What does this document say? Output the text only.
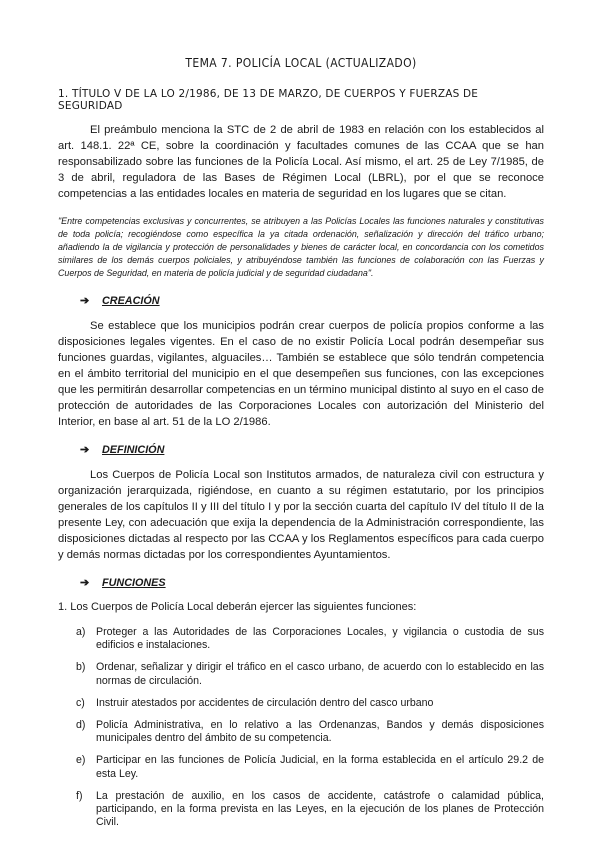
TEMA 7. POLICÍA LOCAL (ACTUALIZADO)
1. TÍTULO V DE LA LO 2/1986, DE 13 DE MARZO, DE CUERPOS Y FUERZAS DE SEGURIDAD

El preámbulo menciona la STC de 2 de abril de 1983 en relación con los establecidos al art. 148.1. 22ª CE, sobre la coordinación y facultades comunes de las CCAA que se han responsabilizado sobre las funciones de la Policía Local. Así mismo, el art. 25 de Ley 7/1985, de 3 de abril, reguladora de las Bases de Régimen Local (LBRL), por el que se reconoce competencias a las entidades locales en materia de seguridad en los lugares que se citan.

"Entre competencias exclusivas y concurrentes, se atribuyen a las Policías Locales las funciones naturales y constitutivas de toda policía; recogiéndose como específica la ya citada ordenación, señalización y dirección del tráfico urbano; añadiendo la de vigilancia y protección de personalidades y bienes de carácter local, en concordancia con los cometidos similares de los demás cuerpos policiales, y atribuyéndose también las funciones de colaboración con las Fuerzas y Cuerpos de Seguridad, en materia de policía judicial y de seguridad ciudadana".

➔ CREACIÓN

Se establece que los municipios podrán crear cuerpos de policía propios conforme a las disposiciones legales vigentes. En el caso de no existir Policía Local podrán desempeñar sus funciones guardas, vigilantes, alguaciles… También se establece que sólo tendrán competencia en el ámbito territorial del municipio en el que desempeñen sus funciones, con las excepciones que les permitirán desarrollar competencias en un término municipal distinto al suyo en el caso de protección de autoridades de las Corporaciones Locales con autorización del Ministerio del Interior, en base al art. 51 de la LO 2/1986.

➔ DEFINICIÓN

Los Cuerpos de Policía Local son Institutos armados, de naturaleza civil con estructura y organización jerarquizada, rigiéndose, en cuanto a su régimen estatutario, por los principios generales de los capítulos II y III del título I y por la sección cuarta del capítulo IV del título II de la presente Ley, con adecuación que exija la dependencia de la Administración correspondiente, las disposiciones dictadas al respecto por las CCAA y los Reglamentos específicos para cada cuerpo y demás normas dictadas por los correspondientes Ayuntamientos.

➔ FUNCIONES

1. Los Cuerpos de Policía Local deberán ejercer las siguientes funciones:

a) Proteger a las Autoridades de las Corporaciones Locales, y vigilancia o custodia de sus edificios e instalaciones.
b) Ordenar, señalizar y dirigir el tráfico en el casco urbano, de acuerdo con lo establecido en las normas de circulación.
c)	Instruir atestados por accidentes de circulación dentro del casco urbano
d) Policía Administrativa, en lo relativo a las Ordenanzas, Bandos y demás disposiciones municipales dentro del ámbito de su competencia.
e) Participar en las funciones de Policía Judicial, en la forma establecida en el artículo 29.2 de esta Ley.
f)	La prestación de auxilio, en los casos de accidente, catástrofe o calamidad pública, participando, en la forma prevista en las Leyes, en la ejecución de los planes de Protección Civil.
